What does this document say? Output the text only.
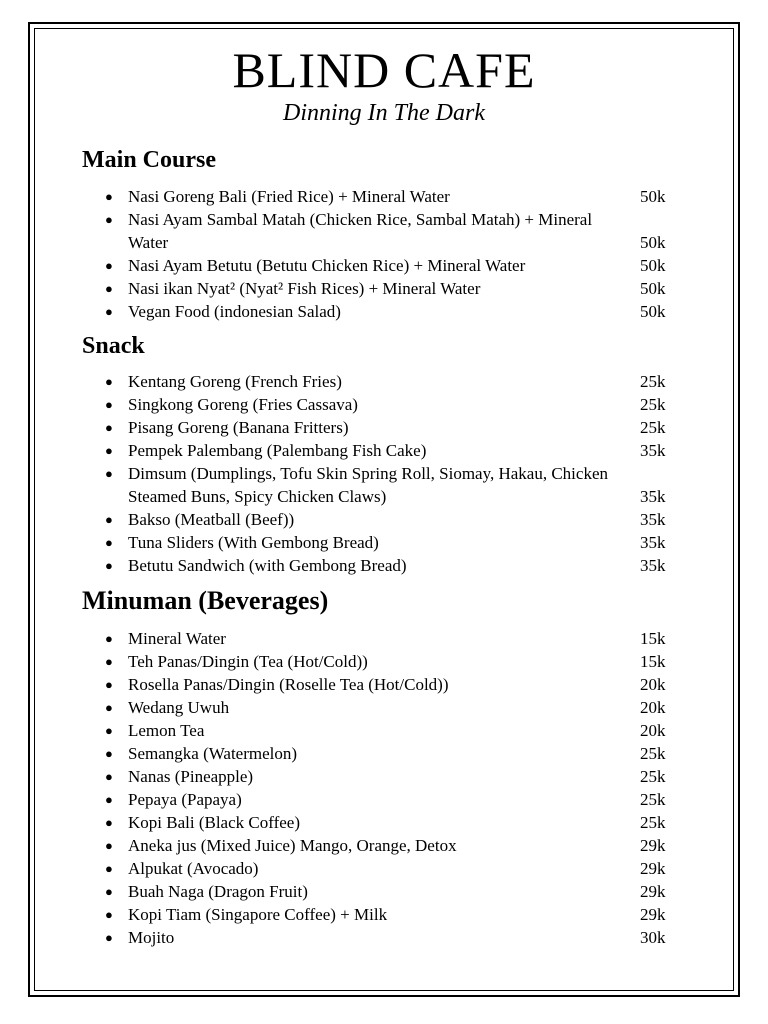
BLIND CAFE
Dinning In The Dark
Main Course
● Nasi Goreng Bali (Fried Rice) + Mineral Water	50k
● Nasi Ayam Sambal Matah (Chicken Rice, Sambal Matah) + Mineral Water	50k
● Nasi Ayam Betutu (Betutu Chicken Rice) + Mineral Water	50k
● Nasi ikan Nyat² (Nyat² Fish Rices) + Mineral Water	50k
● Vegan Food (indonesian Salad)	50k
Snack
● Kentang Goreng (French Fries)	25k
● Singkong Goreng (Fries Cassava)	25k
● Pisang Goreng (Banana Fritters)	25k
● Pempek Palembang (Palembang Fish Cake)	35k
● Dimsum (Dumplings, Tofu Skin Spring Roll, Siomay, Hakau, Chicken Steamed Buns, Spicy Chicken Claws)	35k
● Bakso (Meatball (Beef))	35k
● Tuna Sliders (With Gembong Bread)	35k
● Betutu Sandwich (with Gembong Bread)	35k
Minuman (Beverages)
● Mineral Water	15k
● Teh Panas/Dingin (Tea (Hot/Cold))	15k
● Rosella Panas/Dingin (Roselle Tea (Hot/Cold))	20k
● Wedang Uwuh	20k
● Lemon Tea	20k
● Semangka (Watermelon)	25k
● Nanas (Pineapple)	25k
● Pepaya (Papaya)	25k
● Kopi Bali (Black Coffee)	25k
● Aneka jus (Mixed Juice) Mango, Orange, Detox	29k
● Alpukat (Avocado)	29k
● Buah Naga (Dragon Fruit)	29k
● Kopi Tiam (Singapore Coffee) + Milk	29k
● Mojito	30k
